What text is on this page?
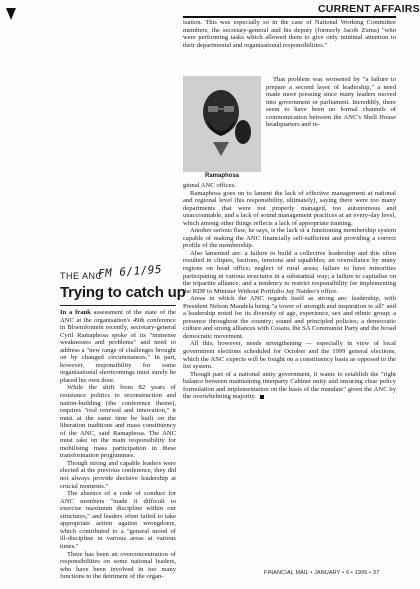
CURRENT AFFAIRS

isation. This was especially so in the case of National Working Committee members, the secretary-general and his deputy (formerly Jacob Zuma) "who were performing tasks which allowed them to give only minimal attention to their departmental and organisational responsibilities."

Ramaphosa

That problem was worsened by "a failure to prepare a second layer of leadership," a need made more pressing since many leaders moved into government or parliament. Incredibly, there seem to have been no formal channels of communication between the ANC's Shell House headquarters and re-

gional ANC offices.

Ramaphosa goes on to lament the lack of effective management at national and regional level (his responsibility, ultimately), saying there were too many departments that were not properly managed, too autonomous and unaccountable, and a lack of sound management practices at an every-day level, which among other things reflects a lack of appropriate training.

Another serious flaw, he says, is the lack of a functioning membership system capable of making the ANC financially self-sufficient and providing a correct profile of the membership.

Also lamented are: a failure to build a collective leadership and this often resulted in cliques, factions, tensions and squabbles; an overreliance by many regions on head office; neglect of rural areas; failure to have minorities participating in various structures in a substantial way; a failure to capitalise on the tripartite alliance; and a tendency to restrict responsibility for implementing the RDP to Minister Without Portfolio Jay Naidoo's office.

Areas in which the ANC regards itself as strong are: leadership, with President Nelson Mandela being "a tower of strength and inspiration to all" and a leadership noted for its diversity of age, experience, sex and ethnic group; a presence throughout the country; sound and principled policies; a democratic culture and strong alliances with Cosatu, the SA Communist Party and the broad democratic movement.

All this, however, needs strengthening — especially in view of local government elections scheduled for October and the 1999 general elections, which the ANC expects will be fought on a constituency basis as opposed to the list system.

Though part of a national unity government, it wants to establish the "right balance between maintaining interparty Cabinet unity and ensuring clear policy formulation and implementation on the basis of the mandate" given the ANC by the overwhelming majority.

THE ANC
FM 6/1/95
Trying to catch up

In a frank assessment of the state of the ANC at the organisation's 49th conference in Bloemfontein recently, secretary-general Cyril Ramaphosa spoke of its "immense weaknesses and problems" and need to address a "new range of challenges brought on by changed circumstances." In part, however, responsibility for some organisational shortcomings must surely be placed his own door.

While the shift from 82 years of resistance politics to reconstruction and nation-building (the conference theme), requires "real renewal and innovation," it must at the same time be built on the liberation traditions and mass constituency of the ANC, said Ramaphosa. The ANC must take on the main responsibility for mobilising mass participation in these transformation programmes.

Though strong and capable leaders were elected at the previous conference, they did not always provide decisive leadership at crucial moments."

The absence of a code of conduct for ANC members "made it difficult to exercise maximum discipline within our structures," and leaders often failed to take appropriate action against wrongdoers, which contributed to a "general mood of ill-discipline in various areas at various times."

There has been an overconcentration of responsibilities on some national leaders, who have been involved in too many functions to the detriment of the organ-

FINANCIAL MAIL • JANUARY • 6 • 1995 • 37
